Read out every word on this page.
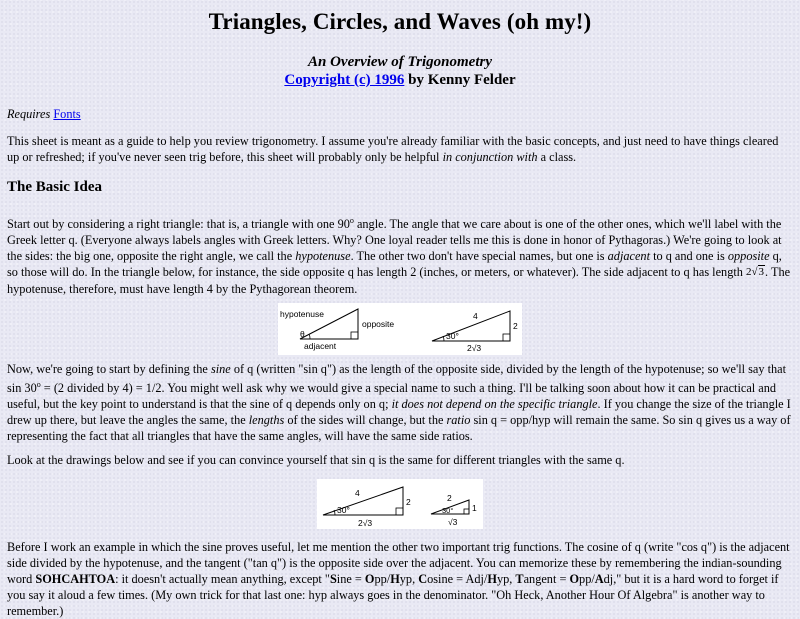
Triangles, Circles, and Waves (oh my!)
An Overview of Trigonometry
Copyright (c) 1996 by Kenny Felder

Requires Fonts

This sheet is meant as a guide to help you review trigonometry. I assume you're already familiar with the basic concepts, and just need to have things cleared up or refreshed; if you've never seen trig before, this sheet will probably only be helpful in conjunction with a class.

The Basic Idea

Start out by considering a right triangle: that is, a triangle with one 90$^o$ angle. The angle that we care about is one of the other ones, which we'll label with the Greek letter q. (Everyone always labels angles with Greek letters. Why? One loyal reader tells me this is done in honor of Pythagoras.) We're going to look at the sides: the big one, opposite the right angle, we call the hypotenuse. The other two don't have special names, but one is adjacent to q and one is opposite q, so those will do. In the triangle below, for instance, the side opposite q has length 2 (inches, or meters, or whatever). The side adjacent to q has length 2√3. The hypotenuse, therefore, must have length 4 by the Pythagorean theorem.

hypotenuse
opposite
adjacent
θ
4
2
2√3
30°

Now, we're going to start by defining the sine of q (written "sin q") as the length of the opposite side, divided by the length of the hypotenuse; so we'll say that $\sin 30^o = (2$ divided by 4) = 1/2. You might well ask why we would give a special name to such a thing. I'll be talking soon about how it can be practical and useful, but the key point to understand is that the sine of q depends only on q; it does not depend on the specific triangle. If you change the size of the triangle I drew up there, but leave the angles the same, the lengths of the sides will change, but the ratio sin q = opp/hyp will remain the same. So sin q gives us a way of representing the fact that all triangles that have the same angles, will have the same side ratios.

Look at the drawings below and see if you can convince yourself that sin q is the same for different triangles with the same q.

4
2
2√3
30°
2
1
√3
30°

Before I work an example in which the sine proves useful, let me mention the other two important trig functions. The cosine of q (write "cos q") is the adjacent side divided by the hypotenuse, and the tangent ("tan q") is the opposite side over the adjacent. You can memorize these by remembering the indian-sounding word SOHCAHTOA: it doesn't actually mean anything, except "Sine = Opp/Hyp, Cosine = Adj/Hyp, Tangent = Opp/Adj," but it is a hard word to forget if you say it aloud a few times. (My own trick for that last one: hyp always goes in the denominator. "Oh Heck, Another Hour Of Algebra" is another way to remember.)
